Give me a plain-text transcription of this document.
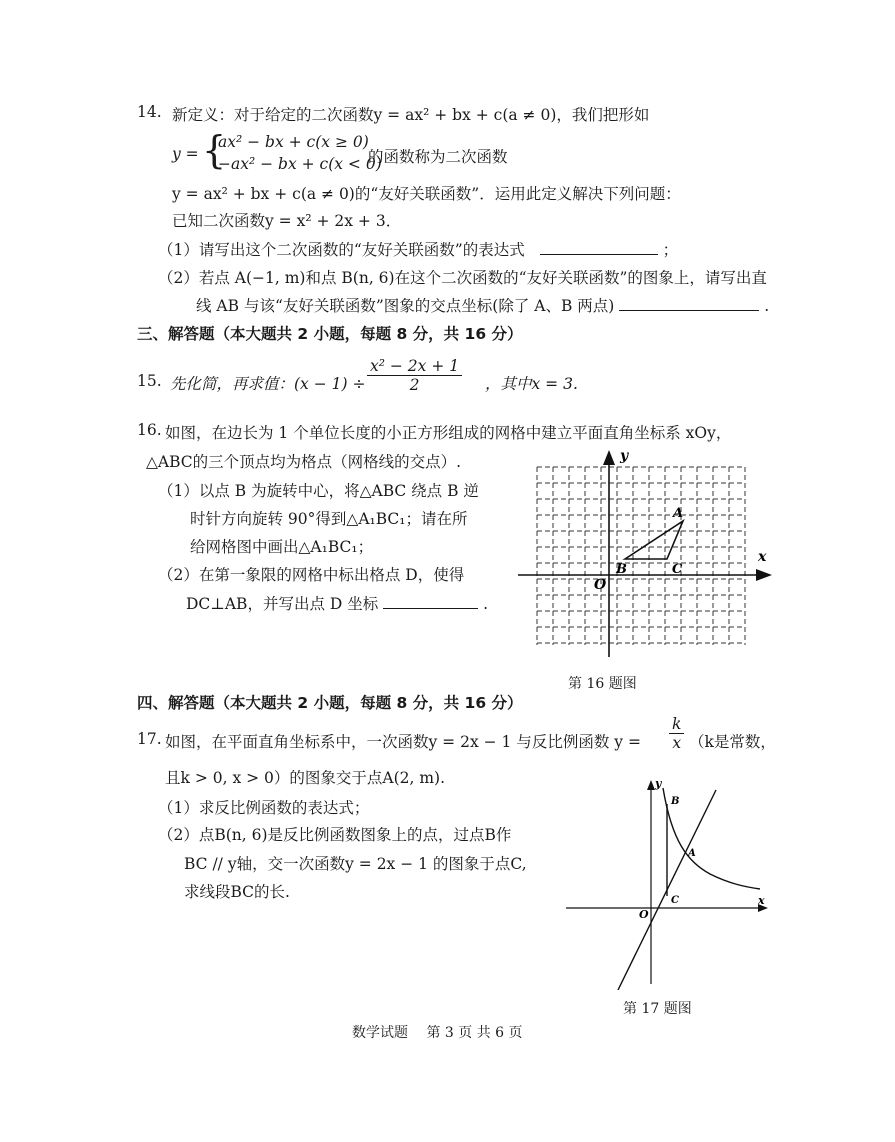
14. 新定义：对于给定的二次函数y = ax² + bx + c(a ≠ 0)，我们把形如
y = {
ax² − bx + c(x ≥ 0)
−ax² − bx + c(x < 0)
的函数称为二次函数
y = ax² + bx + c(a ≠ 0)的“友好关联函数”．运用此定义解决下列问题：
已知二次函数y = x² + 2x + 3．
（1）请写出这个二次函数的“友好关联函数”的表达式	；
（2）若点 A(−1, m)和点 B(n, 6)在这个二次函数的“友好关联函数”的图象上，请写出直
线 AB 与该“友好关联函数”图象的交点坐标(除了 A、B 两点)	.
三、解答题（本大题共 2 小题，每题 8 分，共 16 分）
15. 先化简，再求值：$(x - 1) \div \frac{\text{x² − 2x + 1}}{2}$ ，其中x = 3.
16. 如图，在边长为 1 个单位长度的小正方形组成的网格中建立平面直角坐标系 xOy，
△ABC的三个顶点均为格点（网格线的交点）.
（1）以点 B 为旋转中心，将△ABC 绕点 B 逆
时针方向旋转 90°得到△A₁BC₁；请在所
给网格图中画出△A₁BC₁；
（2）在第一象限的网格中标出格点 D，使得
DC⊥AB，并写出点 D 坐标	.
y
x
O
A
B	C
第 16 题图
四、解答题（本大题共 2 小题，每题 8 分，共 16 分）
17. 如图，在平面直角坐标系中，一次函数y = 2x − 1 与反比例函数 $y = \frac{k}{x} (k$是常数，
且k > 0, x > 0）的图象交于点A(2, m).
（1）求反比例函数的表达式；
（2）点B(n, 6)是反比例函数图象上的点，过点B作
BC // y轴，交一次函数y = 2x − 1 的图象于点C,
求线段BC的长.
y
x
O
B
A
C
第 17 题图
数学试题　 第 3 页 共 6 页
